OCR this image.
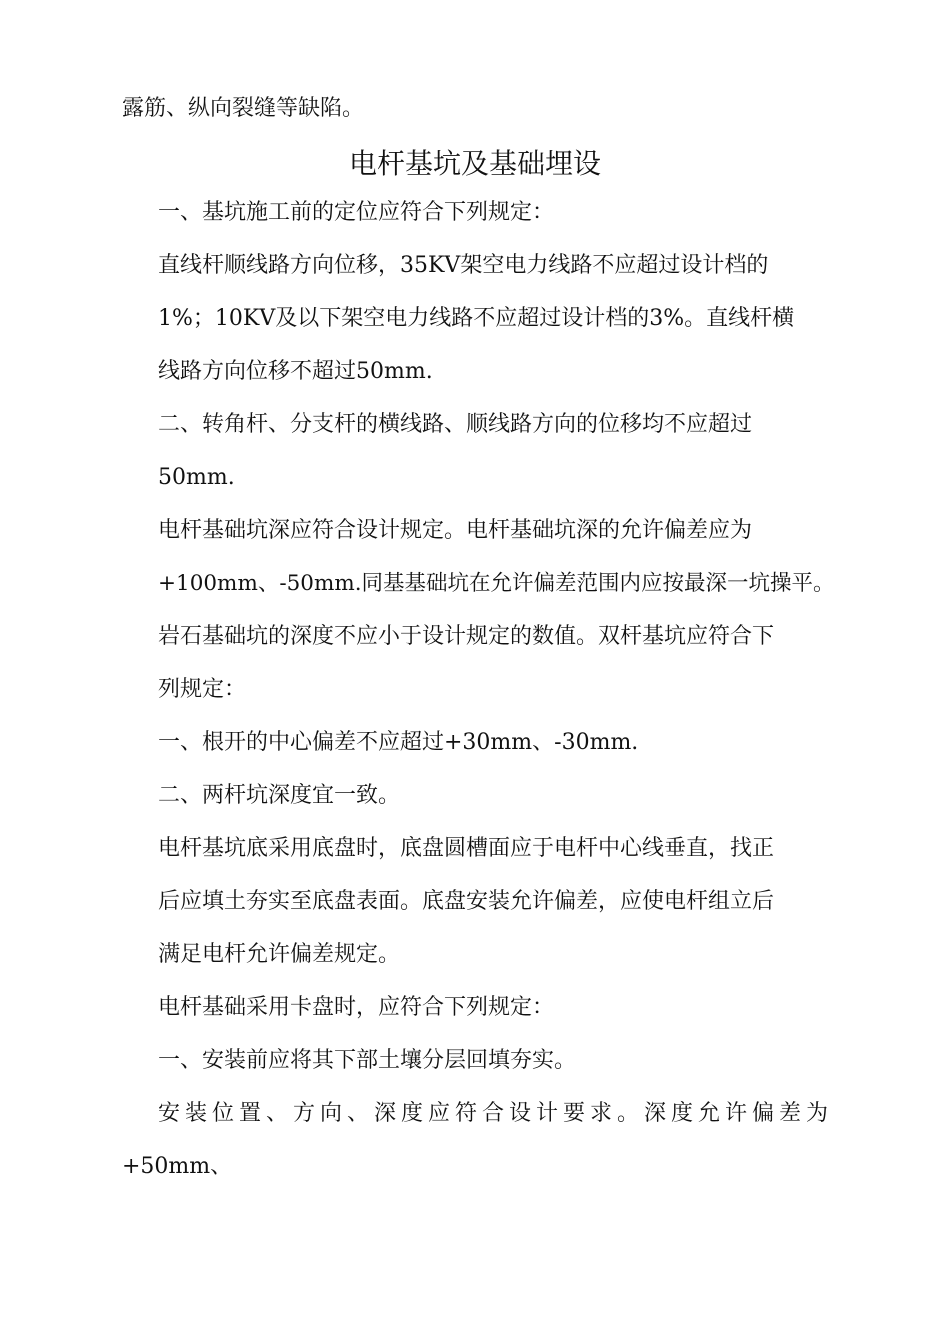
露筋、纵向裂缝等缺陷。

电杆基坑及基础埋设

一、基坑施工前的定位应符合下列规定：

直线杆顺线路方向位移，35KV架空电力线路不应超过设计档的

1%；10KV及以下架空电力线路不应超过设计档的3%。直线杆横

线路方向位移不超过50mm.

二、转角杆、分支杆的横线路、顺线路方向的位移均不应超过

50mm.

电杆基础坑深应符合设计规定。电杆基础坑深的允许偏差应为

+100mm、-50mm.同基基础坑在允许偏差范围内应按最深一坑操平。

岩石基础坑的深度不应小于设计规定的数值。双杆基坑应符合下

列规定：

一、根开的中心偏差不应超过+30mm、-30mm.

二、两杆坑深度宜一致。

电杆基坑底采用底盘时，底盘圆槽面应于电杆中心线垂直，找正

后应填土夯实至底盘表面。底盘安装允许偏差，应使电杆组立后

满足电杆允许偏差规定。

电杆基础采用卡盘时，应符合下列规定：

一、安装前应将其下部土壤分层回填夯实。

安装位置、方向、深度应符合设计要求。深度允许偏差为

+50mm、
